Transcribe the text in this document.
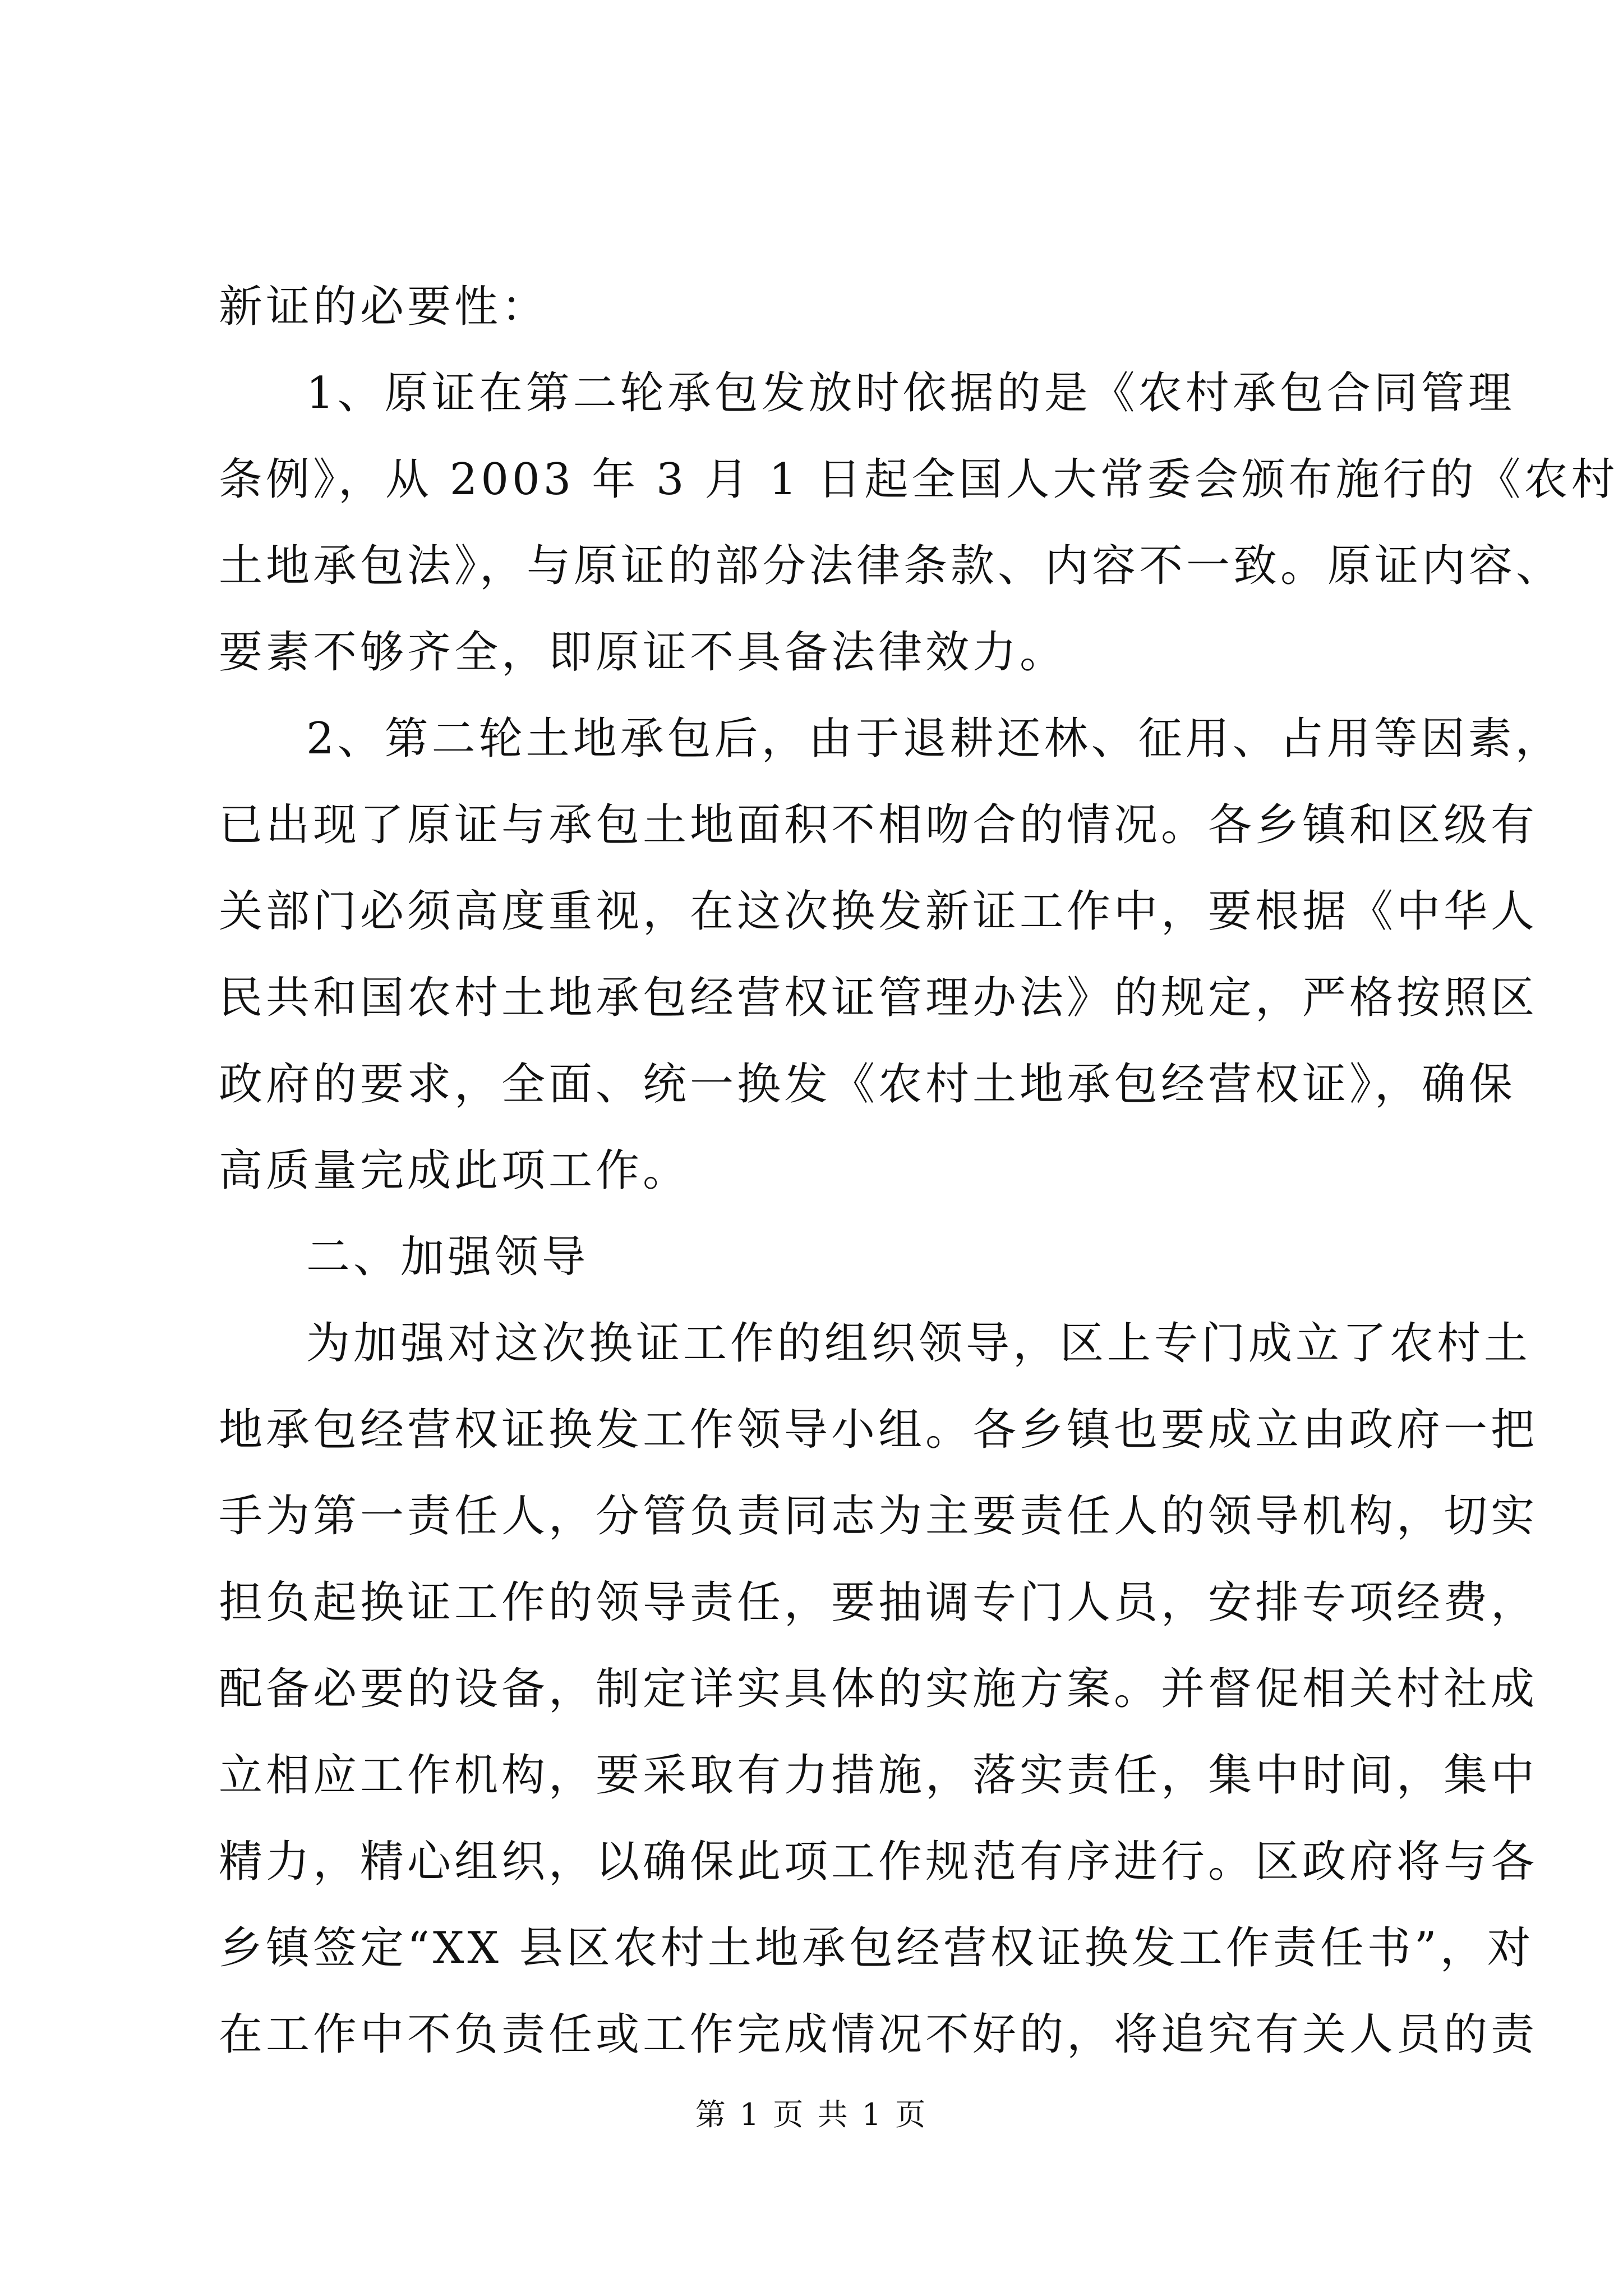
新证的必要性：
1、原证在第二轮承包发放时依据的是《农村承包合同管理
条例》，从 2003 年 3 月 1 日起全国人大常委会颁布施行的《农村
土地承包法》，与原证的部分法律条款、内容不一致。原证内容、
要素不够齐全，即原证不具备法律效力。
2、第二轮土地承包后，由于退耕还林、征用、占用等因素，
已出现了原证与承包土地面积不相吻合的情况。各乡镇和区级有
关部门必须高度重视，在这次换发新证工作中，要根据《中华人
民共和国农村土地承包经营权证管理办法》的规定，严格按照区
政府的要求，全面、统一换发《农村土地承包经营权证》，确保
高质量完成此项工作。
二、加强领导
为加强对这次换证工作的组织领导，区上专门成立了农村土
地承包经营权证换发工作领导小组。各乡镇也要成立由政府一把
手为第一责任人，分管负责同志为主要责任人的领导机构，切实
担负起换证工作的领导责任，要抽调专门人员，安排专项经费，
配备必要的设备，制定详实具体的实施方案。并督促相关村社成
立相应工作机构，要采取有力措施，落实责任，集中时间，集中
精力，精心组织，以确保此项工作规范有序进行。区政府将与各
乡镇签定“XX 县区农村土地承包经营权证换发工作责任书”，对
在工作中不负责任或工作完成情况不好的，将追究有关人员的责
第 1 页 共 1 页
